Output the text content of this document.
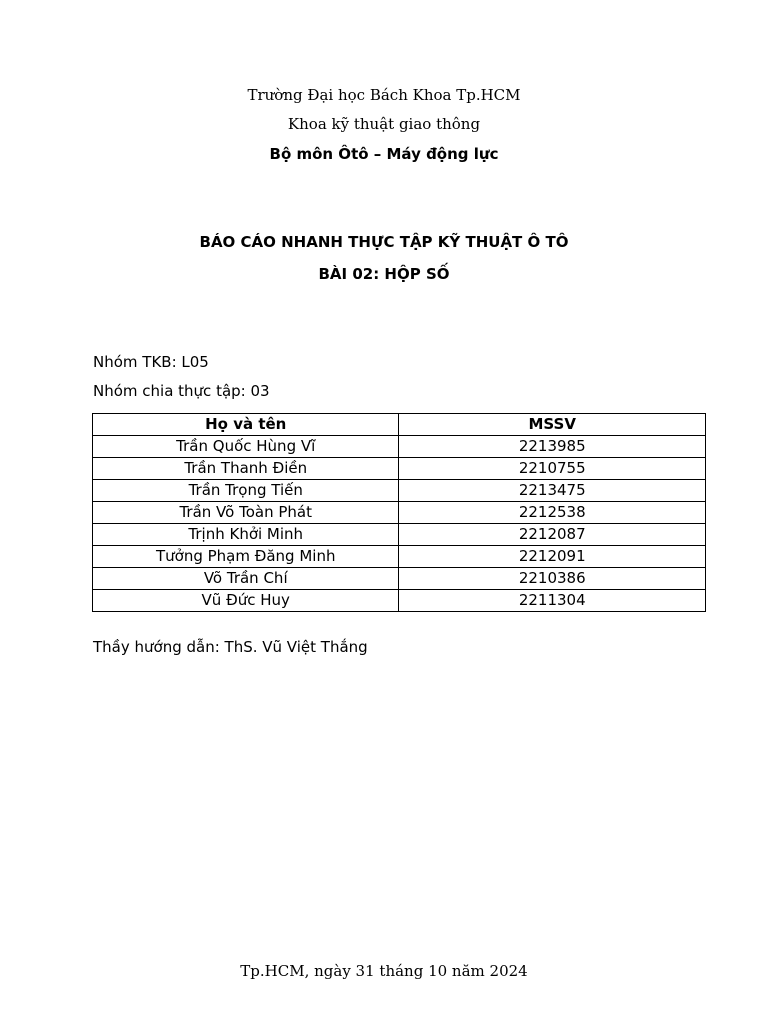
Trường Đại học Bách Khoa Tp.HCM
Khoa kỹ thuật giao thông
Bộ môn Ôtô – Máy động lực
BÁO CÁO NHANH THỰC TẬP KỸ THUẬT Ô TÔ
BÀI 02: HỘP SỐ
Nhóm TKB: L05
Nhóm chia thực tập: 03
Họ và tên	MSSV
Trần Quốc Hùng Vĩ	2213985
Trần Thanh Điền	2210755
Trần Trọng Tiến	2213475
Trần Võ Toàn Phát	2212538
Trịnh Khởi Minh	2212087
Tưởng Phạm Đăng Minh	2212091
Võ Trần Chí	2210386
Vũ Đức Huy	2211304
Thầy hướng dẫn: ThS. Vũ Việt Thắng
Tp.HCM, ngày 31 tháng 10 năm 2024
